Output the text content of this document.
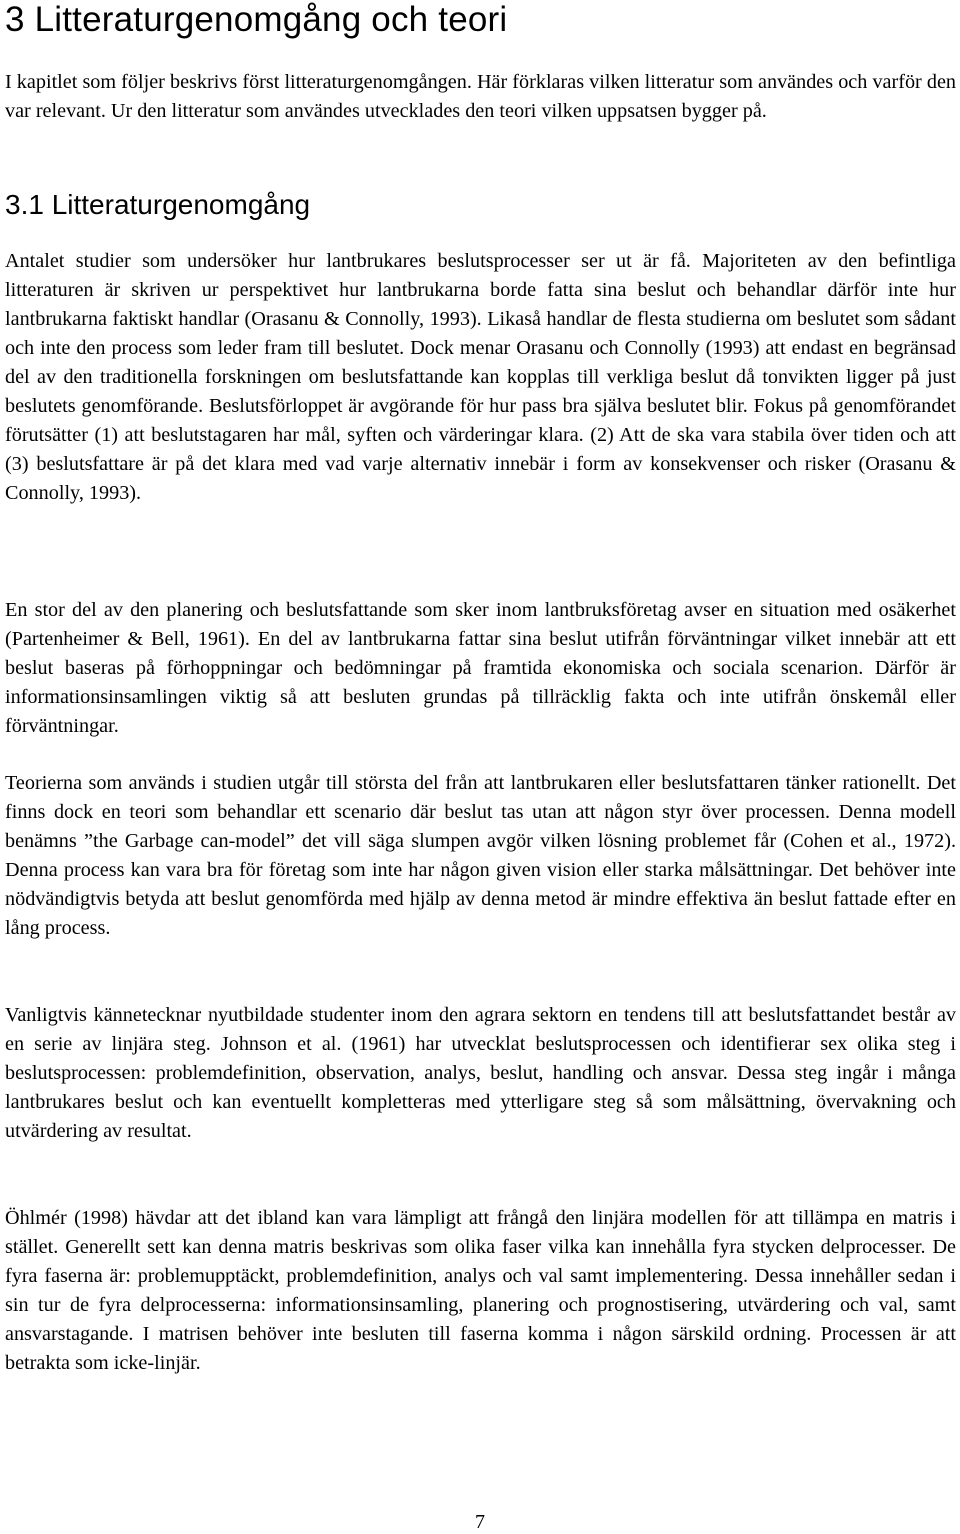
3 Litteraturgenomgång och teori

I kapitlet som följer beskrivs först litteraturgenomgången. Här förklaras vilken litteratur som användes och varför den var relevant. Ur den litteratur som användes utvecklades den teori vilken uppsatsen bygger på.

3.1 Litteraturgenomgång

Antalet studier som undersöker hur lantbrukares beslutsprocesser ser ut är få. Majoriteten av den befintliga litteraturen är skriven ur perspektivet hur lantbrukarna borde fatta sina beslut och behandlar därför inte hur lantbrukarna faktiskt handlar (Orasanu & Connolly, 1993). Likaså handlar de flesta studierna om beslutet som sådant och inte den process som leder fram till beslutet. Dock menar Orasanu och Connolly (1993) att endast en begränsad del av den traditionella forskningen om beslutsfattande kan kopplas till verkliga beslut då tonvikten ligger på just beslutets genomförande. Beslutsförloppet är avgörande för hur pass bra själva beslutet blir. Fokus på genomförandet förutsätter (1) att beslutstagaren har mål, syften och värderingar klara. (2) Att de ska vara stabila över tiden och att (3) beslutsfattare är på det klara med vad varje alternativ innebär i form av konsekvenser och risker (Orasanu & Connolly, 1993).

En stor del av den planering och beslutsfattande som sker inom lantbruksföretag avser en situation med osäkerhet (Partenheimer & Bell, 1961). En del av lantbrukarna fattar sina beslut utifrån förväntningar vilket innebär att ett beslut baseras på förhoppningar och bedömningar på framtida ekonomiska och sociala scenarion. Därför är informationsinsamlingen viktig så att besluten grundas på tillräcklig fakta och inte utifrån önskemål eller förväntningar.

Teorierna som används i studien utgår till största del från att lantbrukaren eller beslutsfattaren tänker rationellt. Det finns dock en teori som behandlar ett scenario där beslut tas utan att någon styr över processen. Denna modell benämns ”the Garbage can-model” det vill säga slumpen avgör vilken lösning problemet får (Cohen et al., 1972). Denna process kan vara bra för företag som inte har någon given vision eller starka målsättningar. Det behöver inte nödvändigtvis betyda att beslut genomförda med hjälp av denna metod är mindre effektiva än beslut fattade efter en lång process.

Vanligtvis kännetecknar nyutbildade studenter inom den agrara sektorn en tendens till att beslutsfattandet består av en serie av linjära steg. Johnson et al. (1961) har utvecklat beslutsprocessen och identifierar sex olika steg i beslutsprocessen: problemdefinition, observation, analys, beslut, handling och ansvar. Dessa steg ingår i många lantbrukares beslut och kan eventuellt kompletteras med ytterligare steg så som målsättning, övervakning och utvärdering av resultat.

Öhlmér (1998) hävdar att det ibland kan vara lämpligt att frångå den linjära modellen för att tillämpa en matris i stället. Generellt sett kan denna matris beskrivas som olika faser vilka kan innehålla fyra stycken delprocesser. De fyra faserna är: problemupptäckt, problemdefinition, analys och val samt implementering. Dessa innehåller sedan i sin tur de fyra delprocesserna: informationsinsamling, planering och prognostisering, utvärdering och val, samt ansvarstagande. I matrisen behöver inte besluten till faserna komma i någon särskild ordning. Processen är att betrakta som icke-linjär.

7
